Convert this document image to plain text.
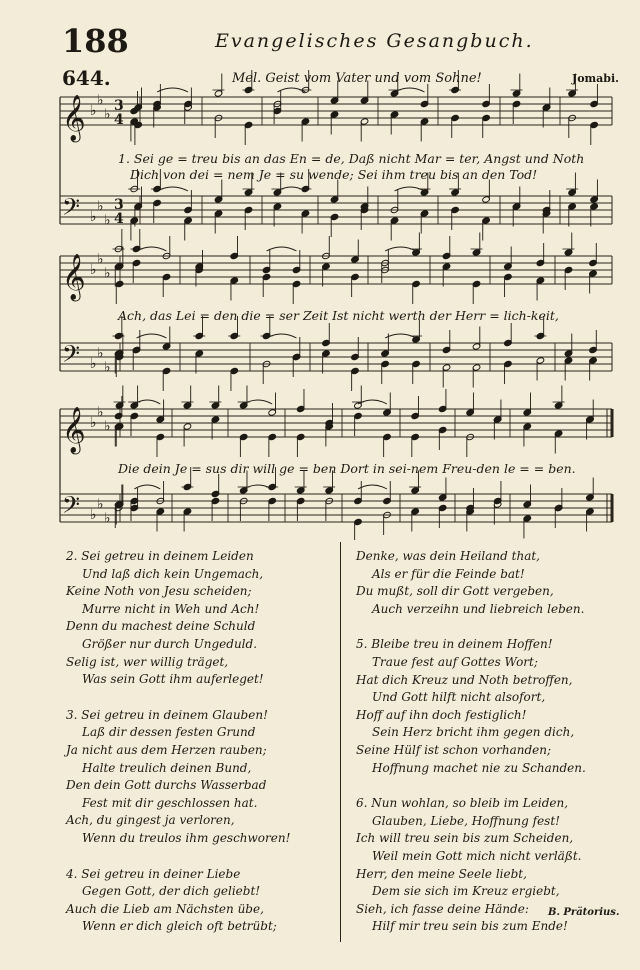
188	Evangelisches Gesangbuch.
644.	Mel. Geist vom Vater und vom Sohne!	Jomabi.
𝄞 ♭
♭
♭
3
4
𝄢 ♭
♭
♭
3
4
𝄞 ♭
♭
♭
𝄢 ♭
♭
♭
𝄞 ♭
♭
♭
𝄢 ♭
♭
♭
1. Sei ge = treu bis an das En = de, Daß nicht Mar = ter, Angst und Noth
Dich von dei = nem Je = su wende; Sei ihm treu bis an den Tod!
Ach, das Lei = den die = ser Zeit Ist nicht werth der Herr = lich-keit,
Die dein Je = sus dir will ge = ben Dort in sei-nem Freu-den le = = ben.
2. Sei getreu in deinem Leiden
Und laß dich kein Ungemach,
Keine Noth von Jesu scheiden;
Murre nicht in Weh und Ach!
Denn du machest deine Schuld
Größer nur durch Ungeduld.
Selig ist, wer willig träget,
Was sein Gott ihm auferleget!
3. Sei getreu in deinem Glauben!
Laß dir dessen festen Grund
Ja nicht aus dem Herzen rauben;
Halte treulich deinen Bund,
Den dein Gott durchs Wasserbad
Fest mit dir geschlossen hat.
Ach, du gingest ja verloren,
Wenn du treulos ihm geschworen!
4. Sei getreu in deiner Liebe
Gegen Gott, der dich geliebt!
Auch die Lieb am Nächsten übe,
Wenn er dich gleich oft betrübt;
Denke, was dein Heiland that,
Als er für die Feinde bat!
Du mußt, soll dir Gott vergeben,
Auch verzeihn und liebreich leben.
5. Bleibe treu in deinem Hoffen!
Traue fest auf Gottes Wort;
Hat dich Kreuz und Noth betroffen,
Und Gott hilft nicht alsofort,
Hoff auf ihn doch festiglich!
Sein Herz bricht ihm gegen dich,
Seine Hülf ist schon vorhanden;
Hoffnung machet nie zu Schanden.
6. Nun wohlan, so bleib im Leiden,
Glauben, Liebe, Hoffnung fest!
Ich will treu sein bis zum Scheiden,
Weil mein Gott mich nicht verläßt.
Herr, den meine Seele liebt,
Dem sie sich im Kreuz ergiebt,
Sieh, ich fasse deine Hände:
Hilf mir treu sein bis zum Ende!
B. Prätorius.
